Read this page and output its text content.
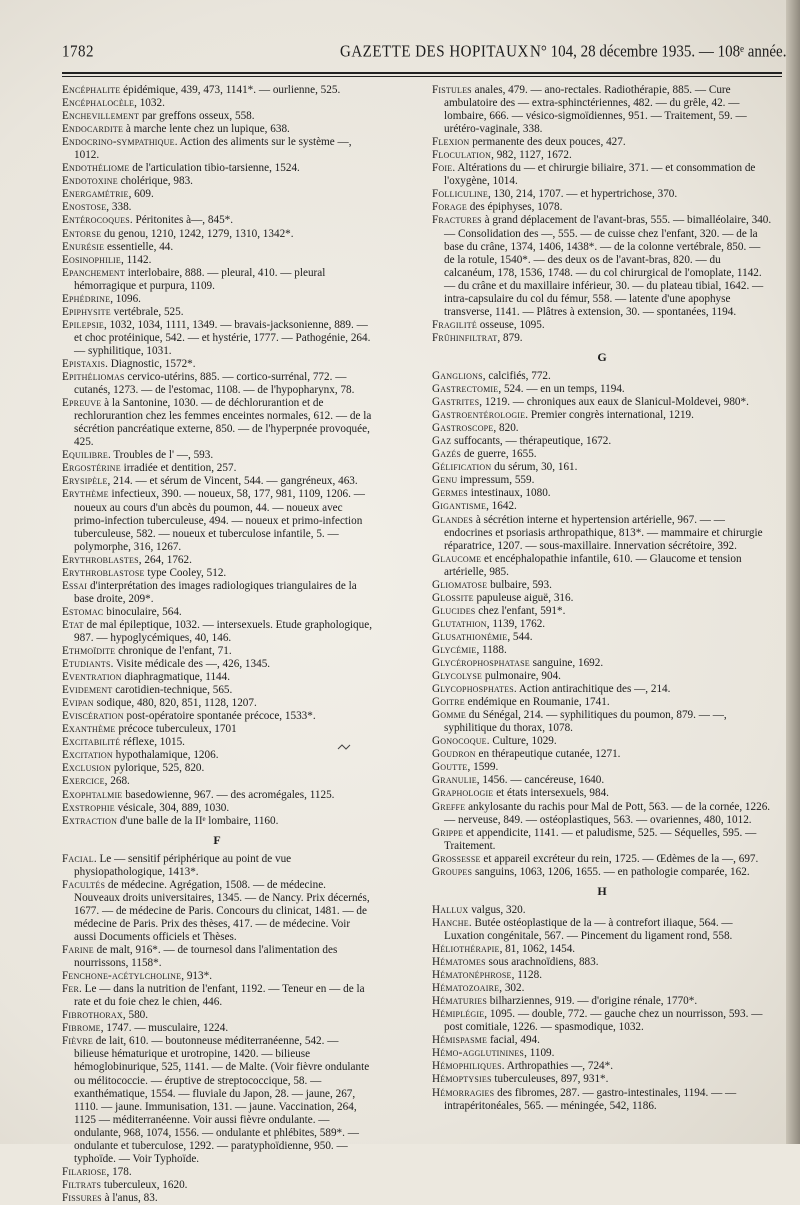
1782	GAZETTE DES HOPITAUX N° 104, 28 décembre 1935. — 108ᵉ année.

Encéphalite épidémique, 439, 473, 1141*. — ourlienne, 525.

Encéphalocèle, 1032.

Enchevillement par greffons osseux, 558.

Endocardite à marche lente chez un lupique, 638.

Endocrino-sympathique. Action des aliments sur le système —, 1012.

Endothéliome de l'articulation tibio-tarsienne, 1524.

Endotoxine cholérique, 983.

Energamétrie, 609.

Enostose, 338.

Entérocoques. Péritonites à—, 845*.

Entorse du genou, 1210, 1242, 1279, 1310, 1342*.

Enurésie essentielle, 44.

Eosinophilie, 1142.

Epanchement interlobaire, 888. — pleural, 410. — pleural hémorragique et purpura, 1109.

Ephédrine, 1096.

Epiphysite vertébrale, 525.

Epilepsie, 1032, 1034, 1111, 1349. — bravais-jacksonienne, 889. — et choc protéinique, 542. — et hystérie, 1777. — Pathogénie, 264. — syphilitique, 1031.

Epistaxis. Diagnostic, 1572*.

Epithéliomas cervico-utérins, 885. — cortico-surrénal, 772. — cutanés, 1273. — de l'estomac, 1108. — de l'hypopharynx, 78.

Epreuve à la Santonine, 1030. — de déchlorurantion et de rechlorurantion chez les femmes enceintes normales, 612. — de la sécrétion pancréatique externe, 850. — de l'hyperpnée provoquée, 425.

Equilibre. Troubles de l' —, 593.

Ergostérine irradiée et dentition, 257.

Erysipèle, 214. — et sérum de Vincent, 544. — gangréneux, 463.

Erythème infectieux, 390. — noueux, 58, 177, 981, 1109, 1206. — noueux au cours d'un abcès du poumon, 44. — noueux avec primo-infection tuberculeuse, 494. — noueux et primo-infection tuberculeuse, 582. — noueux et tuberculose infantile, 5. — polymorphe, 316, 1267.

Erythroblastes, 264, 1762.

Erythroblastose type Cooley, 512.

Essai d'interprétation des images radiologiques triangulaires de la base droite, 209*.

Estomac binoculaire, 564.

Etat de mal épileptique, 1032. — intersexuels. Etude graphologique, 987. — hypoglycémiques, 40, 146.

Ethmoïdite chronique de l'enfant, 71.

Etudiants. Visite médicale des —, 426, 1345.

Eventration diaphragmatique, 1144.

Evidement carotidien-technique, 565.

Evipan sodique, 480, 820, 851, 1128, 1207.

Eviscération post-opératoire spontanée précoce, 1533*.

Exanthème précoce tuberculeux, 1701

Excitabilité réflexe, 1015.

Excitation hypothalamique, 1206.

Exclusion pylorique, 525, 820.

Exercice, 268.

Exophtalmie basedowienne, 967. — des acromégales, 1125.

Exstrophie vésicale, 304, 889, 1030.

Extraction d'une balle de la IIᵉ lombaire, 1160.

F

Facial. Le — sensitif périphérique au point de vue physiopathologique, 1413*.

Facultés de médecine. Agrégation, 1508. — de médecine. Nouveaux droits universitaires, 1345. — de Nancy. Prix décernés, 1677. — de médecine de Paris. Concours du clinicat, 1481. — de médecine de Paris. Prix des thèses, 417. — de médecine. Voir aussi Documents officiels et Thèses.

Farine de malt, 916*. — de tournesol dans l'alimentation des nourrissons, 1158*.

Fenchone-acétylcholine, 913*.

Fer. Le — dans la nutrition de l'enfant, 1192. — Teneur en — de la rate et du foie chez le chien, 446.

Fibrothorax, 580.

Fibrome, 1747. — musculaire, 1224.

Fièvre de lait, 610. — boutonneuse méditerranéenne, 542. — bilieuse hématurique et urotropine, 1420. — bilieuse hémoglobinurique, 525, 1141. — de Malte. (Voir fièvre ondulante ou mélitococcie. — éruptive de streptococcique, 58. — exanthématique, 1554. — fluviale du Japon, 28. — jaune, 267, 1110. — jaune. Immunisation, 131. — jaune. Vaccination, 264, 1125 — méditerranéenne. Voir aussi fièvre ondulante. — ondulante, 968, 1074, 1556. — ondulante et phlébites, 589*. — ondulante et tuberculose, 1292. — paratyphoïdienne, 950. — typhoïde. — Voir Typhoïde.

Filariose, 178.

Filtrats tuberculeux, 1620.

Fissures à l'anus, 83.

Fistules anales, 479. — ano-rectales. Radiothérapie, 885. — Cure ambulatoire des — extra-sphinctériennes, 482. — du grêle, 42. — lombaire, 666. — vésico-sigmoïdiennes, 951. — Traitement, 59. — urétéro-vaginale, 338.

Flexion permanente des deux pouces, 427.

Floculation, 982, 1127, 1672.

Foie. Altérations du — et chirurgie biliaire, 371. — et consommation de l'oxygène, 1014.

Folliculine, 130, 214, 1707. — et hypertrichose, 370.

Forage des épiphyses, 1078.

Fractures à grand déplacement de l'avant-bras, 555. — bimalléolaire, 340. — Consolidation des —, 555. — de cuisse chez l'enfant, 320. — de la base du crâne, 1374, 1406, 1438*. — de la colonne vertébrale, 850. — de la rotule, 1540*. — des deux os de l'avant-bras, 820. — du calcanéum, 178, 1536, 1748. — du col chirurgical de l'omoplate, 1142. — du crâne et du maxillaire inférieur, 30. — du plateau tibial, 1642. — intra-capsulaire du col du fémur, 558. — latente d'une apophyse transverse, 1141. — Plâtres à extension, 30. — spontanées, 1194.

Fragilité osseuse, 1095.

Frühinfiltrat, 879.

G

Ganglions, calcifiés, 772.

Gastrectomie, 524. — en un temps, 1194.

Gastrites, 1219. — chroniques aux eaux de Slanicul-Moldevei, 980*.

Gastroentérologie. Premier congrès international, 1219.

Gastroscope, 820.

Gaz suffocants, — thérapeutique, 1672.

Gazés de guerre, 1655.

Gélification du sérum, 30, 161.

Genu impressum, 559.

Germes intestinaux, 1080.

Gigantisme, 1642.

Glandes à sécrétion interne et hypertension artérielle, 967. — — endocrines et psoriasis arthropathique, 813*. — mammaire et chirurgie réparatrice, 1207. — sous-maxillaire. Innervation sécrétoire, 392.

Glaucome et encéphalopathie infantile, 610. — Glaucome et tension artérielle, 985.

Gliomatose bulbaire, 593.

Glossite papuleuse aiguë, 316.

Glucides chez l'enfant, 591*.

Glutathion, 1139, 1762.

Glusathionémie, 544.

Glycémie, 1188.

Glycérophosphatase sanguine, 1692.

Glycolyse pulmonaire, 904.

Glycophosphates. Action antirachitique des —, 214.

Goitre endémique en Roumanie, 1741.

Gomme du Sénégal, 214. — syphilitiques du poumon, 879. — —, syphilitique du thorax, 1078.

Gonocoque. Culture, 1029.

Goudron en thérapeutique cutanée, 1271.

Goutte, 1599.

Granulie, 1456. — cancéreuse, 1640.

Graphologie et états intersexuels, 984.

Greffe ankylosante du rachis pour Mal de Pott, 563. — de la cornée, 1226. — nerveuse, 849. — ostéoplastiques, 563. — ovariennes, 480, 1012.

Grippe et appendicite, 1141. — et paludisme, 525. — Séquelles, 595. — Traitement.

Grossesse et appareil excréteur du rein, 1725. — Œdèmes de la —, 697.

Groupes sanguins, 1063, 1206, 1655. — en pathologie comparée, 162.

H

Hallux valgus, 320.

Hanche. Butée ostéoplastique de la — à contrefort iliaque, 564. — Luxation congénitale, 567. — Pincement du ligament rond, 558.

Héliothérapie, 81, 1062, 1454.

Hématomes sous arachnoïdiens, 883.

Hématonéphrose, 1128.

Hématozoaire, 302.

Hématuries bilharziennes, 919. — d'origine rénale, 1770*.

Hémiplégie, 1095. — double, 772. — gauche chez un nourrisson, 593. — post comitiale, 1226. — spasmodique, 1032.

Hémispasme facial, 494.

Hémo-agglutinines, 1109.

Hémophiliques. Arthropathies —, 724*.

Hémoptysies tuberculeuses, 897, 931*.

Hémorragies des fibromes, 287. — gastro-intestinales, 1194. — — intrapéritonéales, 565. — méningée, 542, 1186.
